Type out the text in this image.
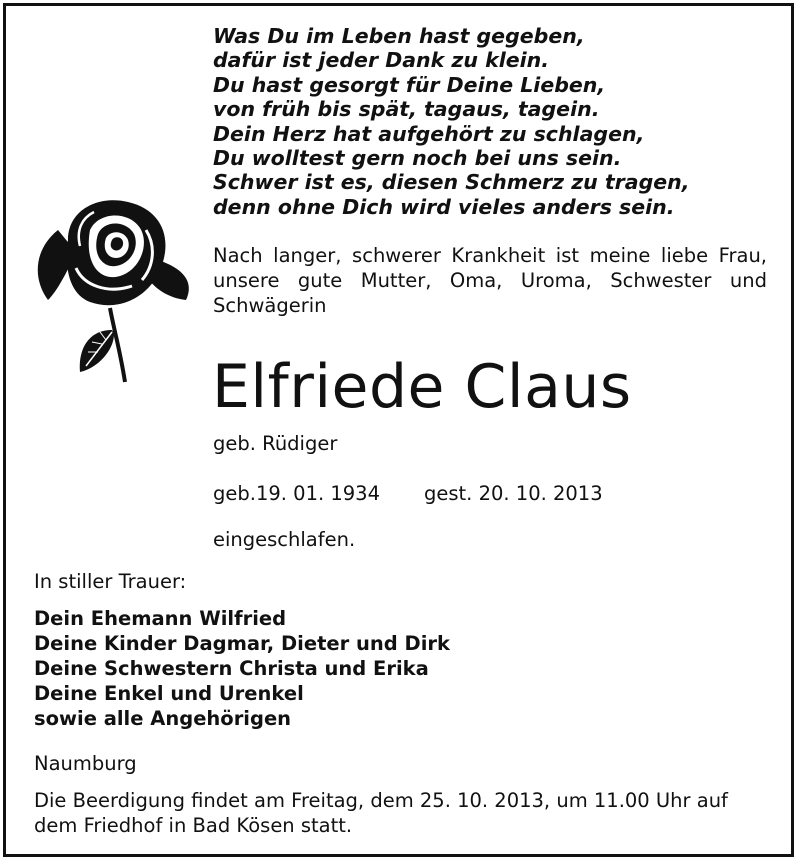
Was Du im Leben hast gegeben,
dafür ist jeder Dank zu klein.
Du hast gesorgt für Deine Lieben,
von früh bis spät, tagaus, tagein.
Dein Herz hat aufgehört zu schlagen,
Du wolltest gern noch bei uns sein.
Schwer ist es, diesen Schmerz zu tragen,
denn ohne Dich wird vieles anders sein.
Nach langer, schwerer Krankheit ist meine liebe Frau, unsere gute Mutter, Oma, Uroma, Schwester und Schwägerin
Elfriede Claus
geb. Rüdiger
geb.19. 01. 1934 gest. 20. 10. 2013
eingeschlafen.
In stiller Trauer:
Dein Ehemann Wilfried
Deine Kinder Dagmar, Dieter und Dirk
Deine Schwestern Christa und Erika
Deine Enkel und Urenkel
sowie alle Angehörigen
Naumburg
Die Beerdigung findet am Freitag, dem 25. 10. 2013, um 11.00 Uhr auf dem Friedhof in Bad Kösen statt.
